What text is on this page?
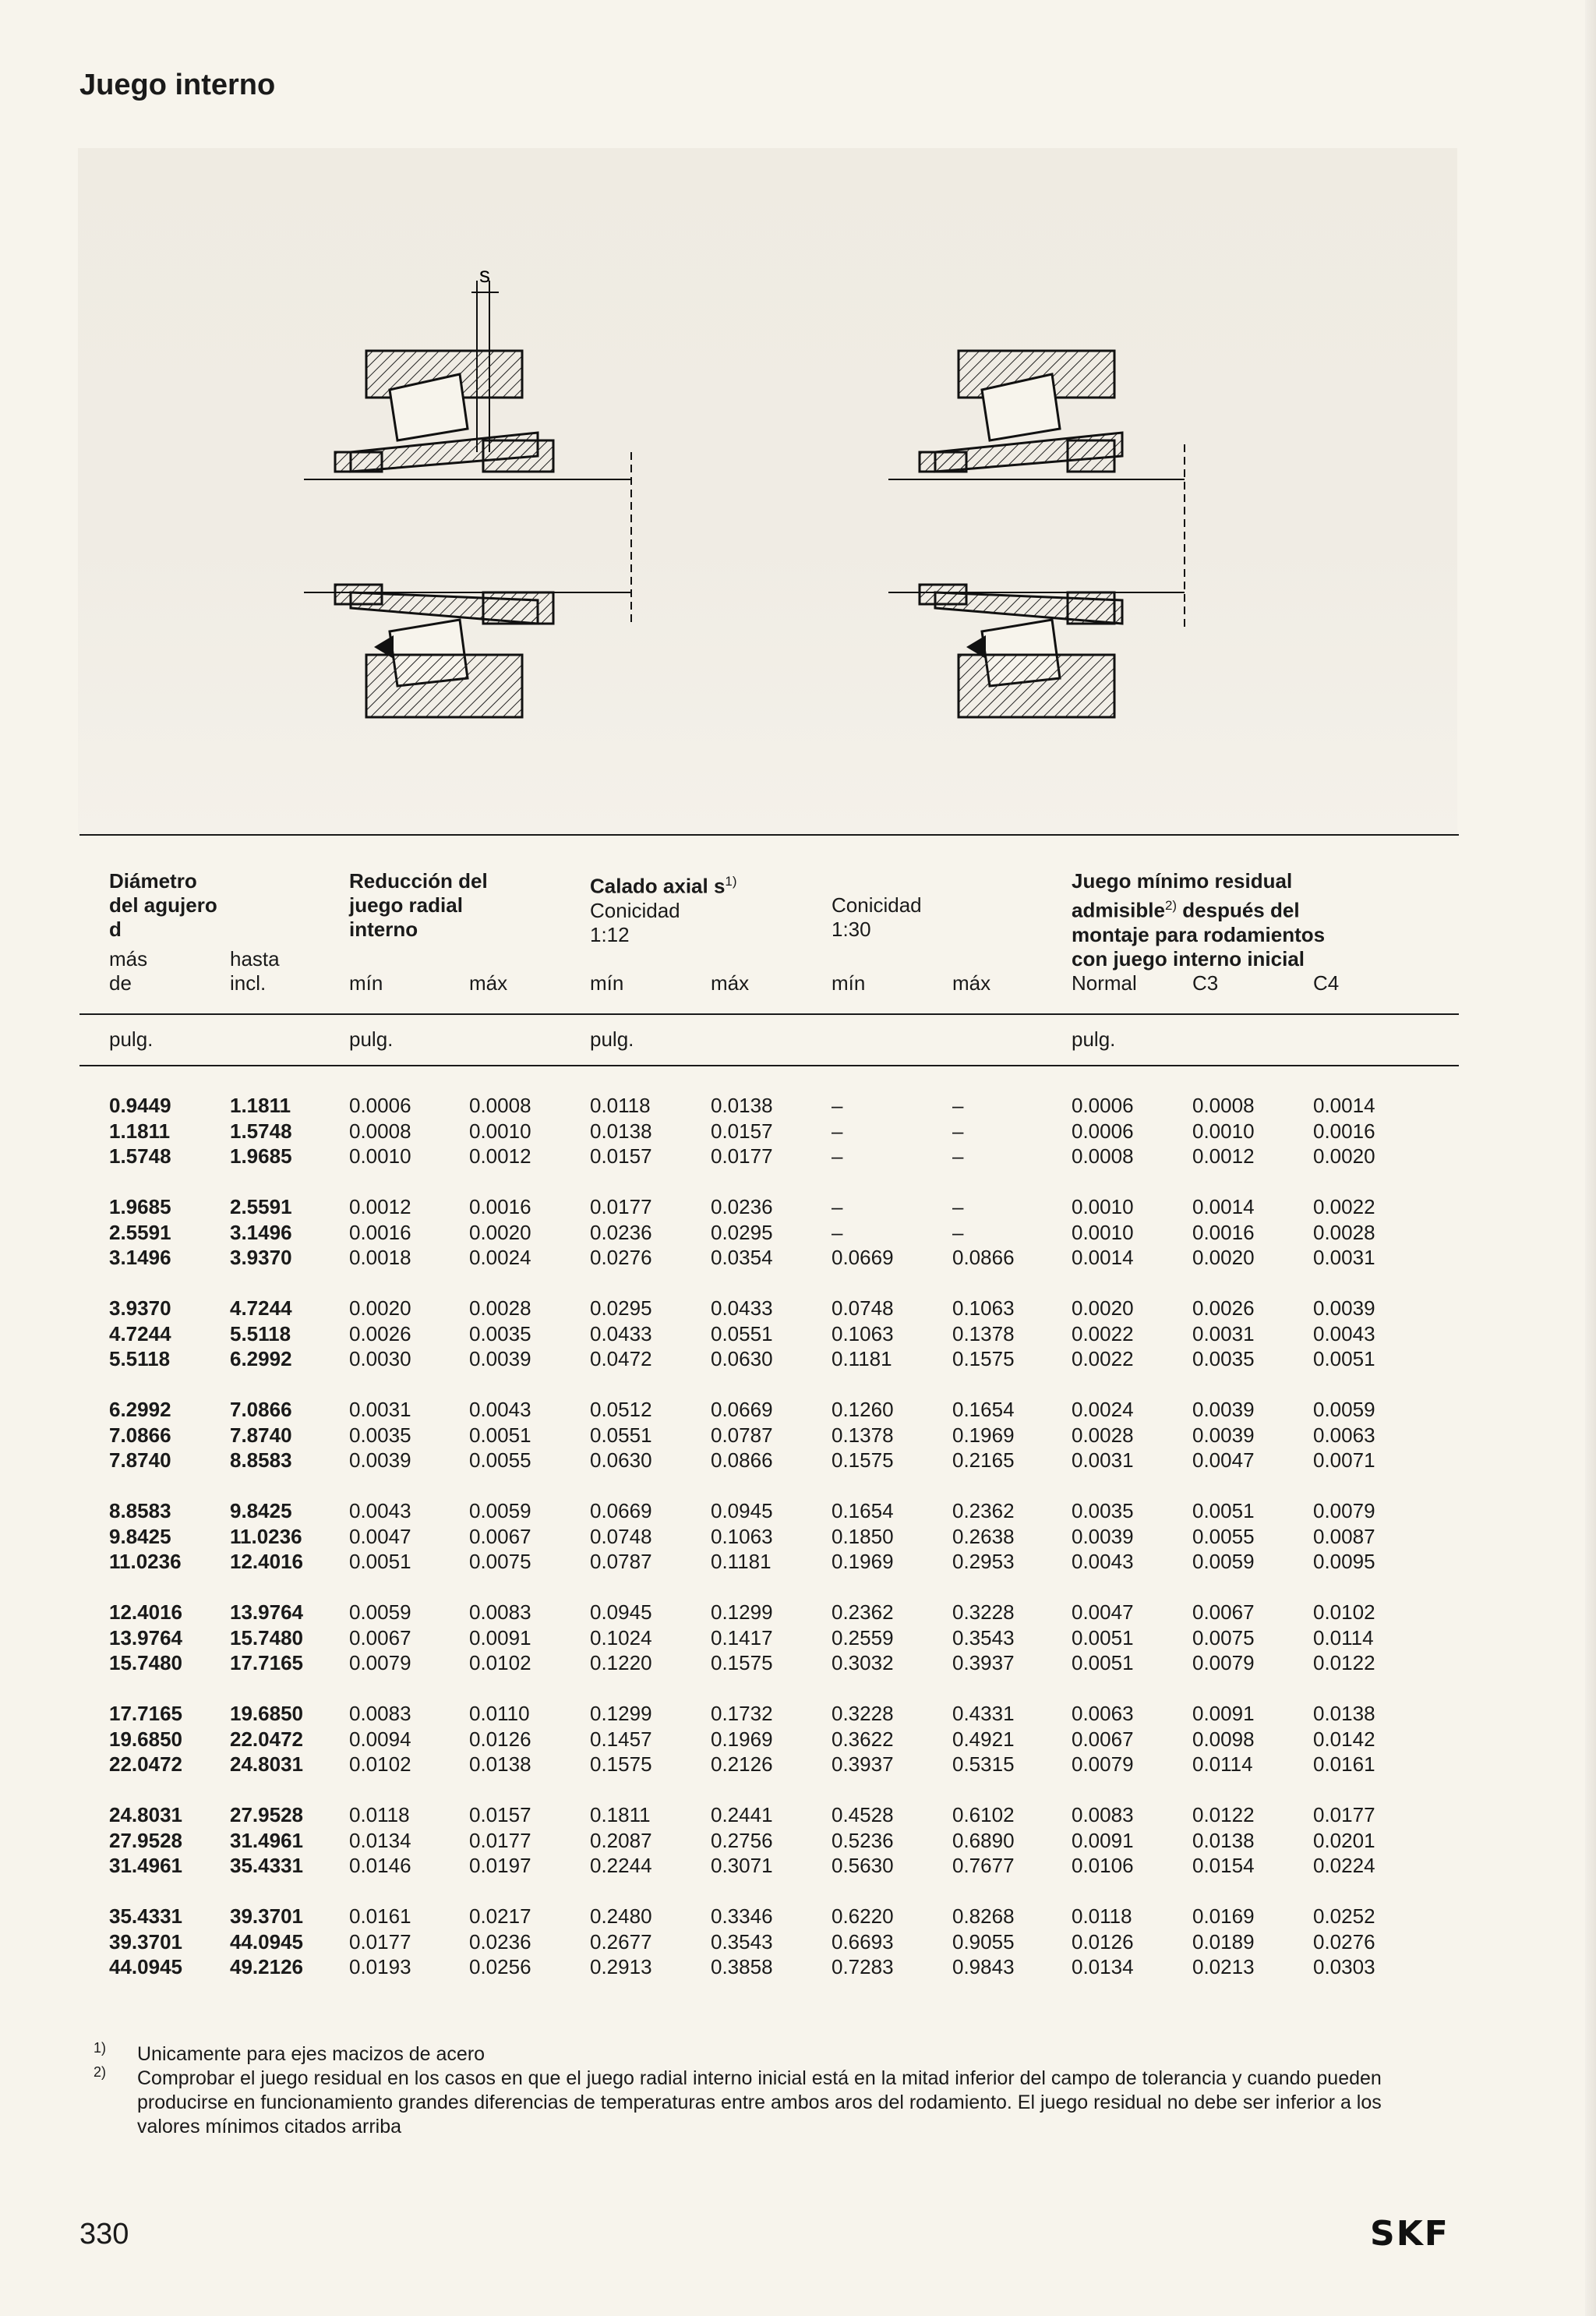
Juego interno
s
Diámetro
del agujero
d
más
de
hasta
incl.
Reducción del
juego radial
interno
mín	máx
Calado axial $s^{1)}$
Conicidad
1:12
Conicidad
1:30
mín	máx	mín	máx
Juego mínimo residual
admisible$^{2)}$ después del
montaje para rodamientos
con juego interno inicial
Normal	C3	C4
pulg.	pulg.	pulg.	pulg.
0.9449	1.1811	0.0006	0.0008	0.0118	0.0138	–	–	0.0006	0.0008	0.0014
1.1811	1.5748	0.0008	0.0010	0.0138	0.0157	–	–	0.0006	0.0010	0.0016
1.5748	1.9685	0.0010	0.0012	0.0157	0.0177	–	–	0.0008	0.0012	0.0020
1.9685	2.5591	0.0012	0.0016	0.0177	0.0236	–	–	0.0010	0.0014	0.0022
2.5591	3.1496	0.0016	0.0020	0.0236	0.0295	–	–	0.0010	0.0016	0.0028
3.1496	3.9370	0.0018	0.0024	0.0276	0.0354	0.0669	0.0866	0.0014	0.0020	0.0031
3.9370	4.7244	0.0020	0.0028	0.0295	0.0433	0.0748	0.1063	0.0020	0.0026	0.0039
4.7244	5.5118	0.0026	0.0035	0.0433	0.0551	0.1063	0.1378	0.0022	0.0031	0.0043
5.5118	6.2992	0.0030	0.0039	0.0472	0.0630	0.1181	0.1575	0.0022	0.0035	0.0051
6.2992	7.0866	0.0031	0.0043	0.0512	0.0669	0.1260	0.1654	0.0024	0.0039	0.0059
7.0866	7.8740	0.0035	0.0051	0.0551	0.0787	0.1378	0.1969	0.0028	0.0039	0.0063
7.8740	8.8583	0.0039	0.0055	0.0630	0.0866	0.1575	0.2165	0.0031	0.0047	0.0071
8.8583	9.8425	0.0043	0.0059	0.0669	0.0945	0.1654	0.2362	0.0035	0.0051	0.0079
9.8425	11.0236 0.0047	0.0067	0.0748	0.1063	0.1850	0.2638	0.0039	0.0055	0.0087
11.0236 12.4016 0.0051	0.0075	0.0787	0.1181	0.1969	0.2953	0.0043	0.0059	0.0095
12.4016 13.9764 0.0059	0.0083	0.0945	0.1299	0.2362	0.3228	0.0047	0.0067	0.0102
13.9764 15.7480 0.0067	0.0091	0.1024	0.1417	0.2559	0.3543	0.0051	0.0075	0.0114
15.7480 17.7165 0.0079	0.0102	0.1220	0.1575	0.3032	0.3937	0.0051	0.0079	0.0122
17.7165 19.6850 0.0083	0.0110	0.1299	0.1732	0.3228	0.4331	0.0063	0.0091	0.0138
19.6850 22.0472 0.0094	0.0126	0.1457	0.1969	0.3622	0.4921	0.0067	0.0098	0.0142
22.0472 24.8031 0.0102	0.0138	0.1575	0.2126	0.3937	0.5315	0.0079	0.0114	0.0161
24.8031 27.9528 0.0118	0.0157	0.1811	0.2441	0.4528	0.6102	0.0083	0.0122	0.0177
27.9528 31.4961 0.0134	0.0177	0.2087	0.2756	0.5236	0.6890	0.0091	0.0138	0.0201
31.4961 35.4331 0.0146	0.0197	0.2244	0.3071	0.5630	0.7677	0.0106	0.0154	0.0224
35.4331 39.3701 0.0161	0.0217	0.2480	0.3346	0.6220	0.8268	0.0118	0.0169	0.0252
39.3701 44.0945 0.0177	0.0236	0.2677	0.3543	0.6693	0.9055	0.0126	0.0189	0.0276
44.0945 49.2126 0.0193	0.0256	0.2913	0.3858	0.7283	0.9843	0.0134	0.0213	0.0303
1) Unicamente para ejes macizos de acero
2) Comprobar el juego residual en los casos en que el juego radial interno inicial está en la mitad inferior del campo de tolerancia y cuando pueden producirse en funcionamiento grandes diferencias de temperaturas entre ambos aros del rodamiento. El juego residual no debe ser inferior a los valores mínimos citados arriba
330	SKF
